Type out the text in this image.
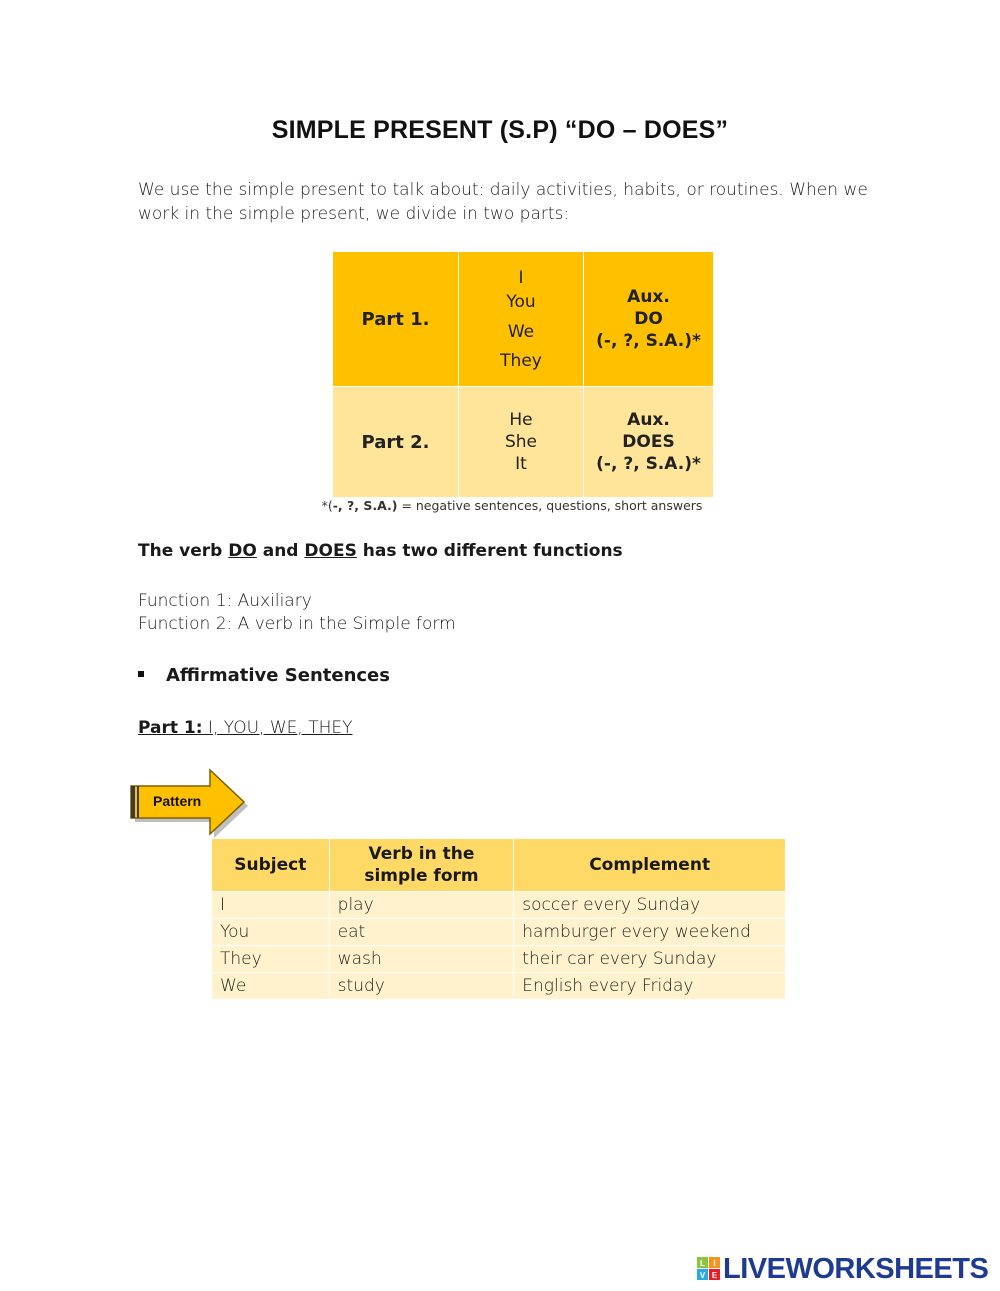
SIMPLE PRESENT (S.P) “DO – DOES”
We use the simple present to talk about: daily activities, habits, or routines. When we work in the simple present, we divide in two parts:
Part 1.	I
You
We
They	Aux.
DO
(-, ?, S.A.)*

Part 2.	He
She
It	Aux.
DOES
(-, ?, S.A.)*
*(-, ?, S.A.) = negative sentences, questions, short answers
The verb DO and DOES has two different functions
Function 1: Auxiliary
Function 2: A verb in the Simple form
Affirmative Sentences
Part 1: I, YOU, WE, THEY
Pattern
Subject	Verb in the simple form	Complement
I	play	soccer every Sunday
You	eat	hamburger every weekend
They	wash	their car every Sunday
We	study	English every Friday
L I
V E LIVEWORKSHEETS
